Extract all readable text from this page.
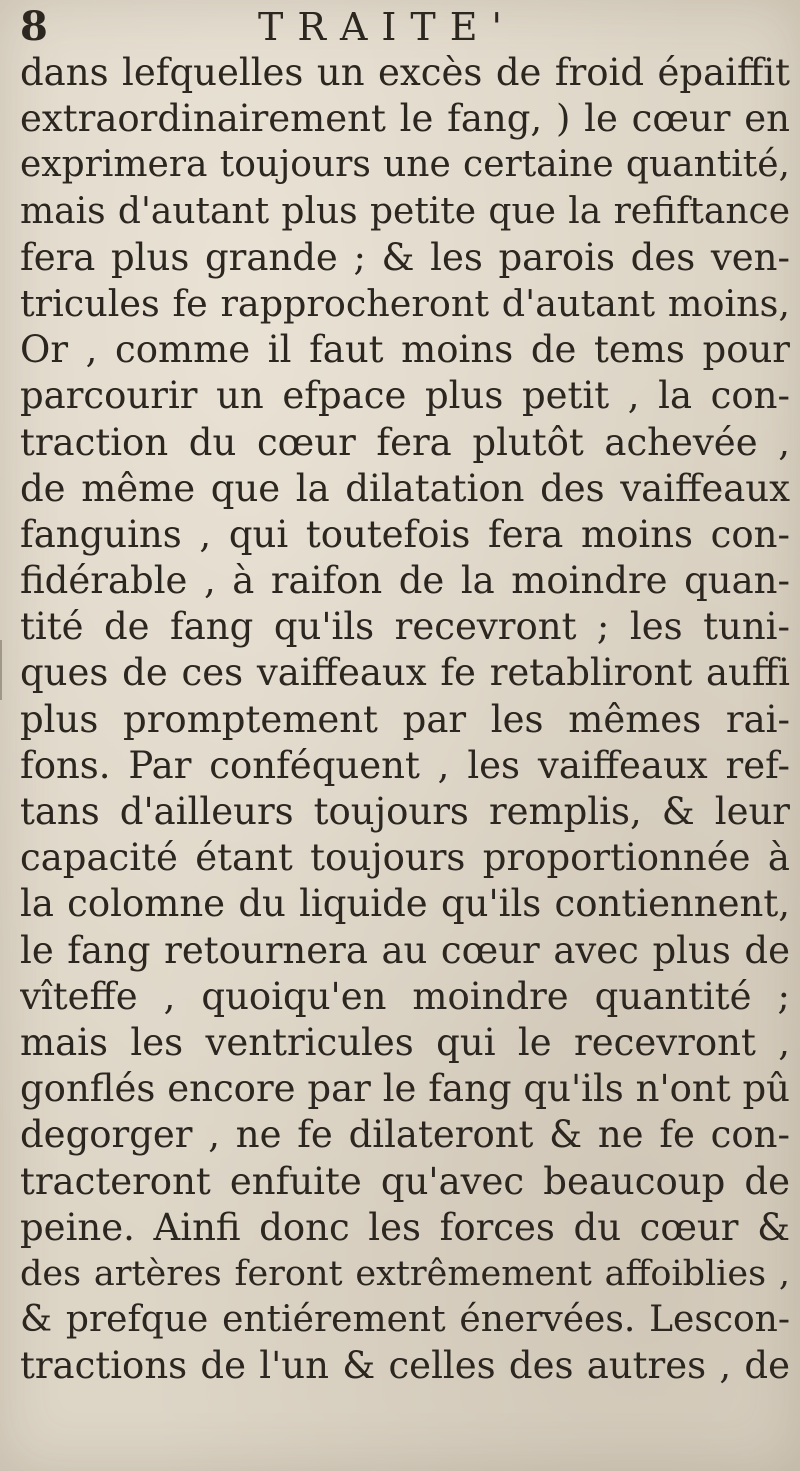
8	TRAITE'
dans lefquelles un excès de froid épaiffit
extraordinairement le fang, ) le cœur en
exprimera toujours une certaine quantité,
mais d'autant plus petite que la refiftance
fera plus grande ; & les parois des ven-
tricules fe rapprocheront d'autant moins,
Or , comme il faut moins de tems pour
parcourir un efpace plus petit , la con-
traction du cœur fera plutôt achevée ,
de même que la dilatation des vaiffeaux
fanguins , qui toutefois fera moins con-
fidérable , à raifon de la moindre quan-
tité de fang qu'ils recevront ; les tuni-
ques de ces vaiffeaux fe retabliront auffi
plus promptement par les mêmes rai-
fons. Par conféquent , les vaiffeaux ref-
tans d'ailleurs toujours remplis, & leur
capacité étant toujours proportionnée à
la colomne du liquide qu'ils contiennent,
le fang retournera au cœur avec plus de
vîteffe , quoiqu'en moindre quantité ;
mais les ventricules qui le recevront ,
gonflés encore par le fang qu'ils n'ont pû
degorger , ne fe dilateront & ne fe con-
tracteront enfuite qu'avec beaucoup de
peine. Ainfi donc les forces du cœur &
des artères feront extrêmement affoiblies ,
& prefque entiérement énervées. Lescon-
tractions de l'un & celles des autres , de
